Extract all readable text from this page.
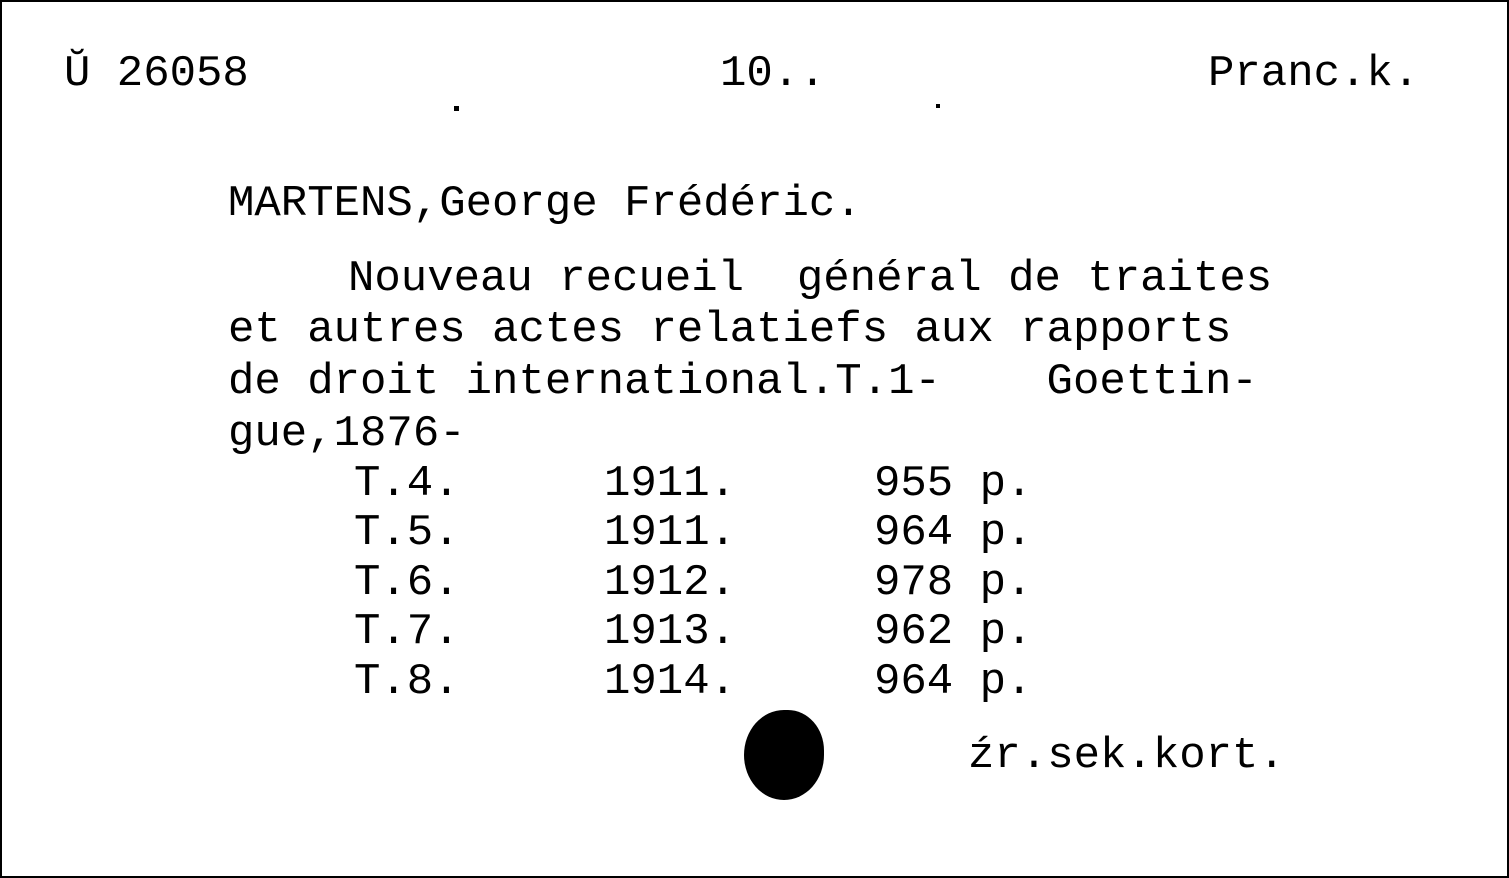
Ŭ 26058	10..	Pranc.k.
MARTENS,George Frédéric.
Nouveau recueil  général de traites
et autres actes relatiefs aux rapports
de droit international.T.1-    Goettin-
gue,1876-
T.4.	1911.	955 p.
T.5.	1911.	964 p.
T.6.	1912.	978 p.
T.7.	1913.	962 p.
T.8.	1914.	964 p.
źr.sek.kort.
